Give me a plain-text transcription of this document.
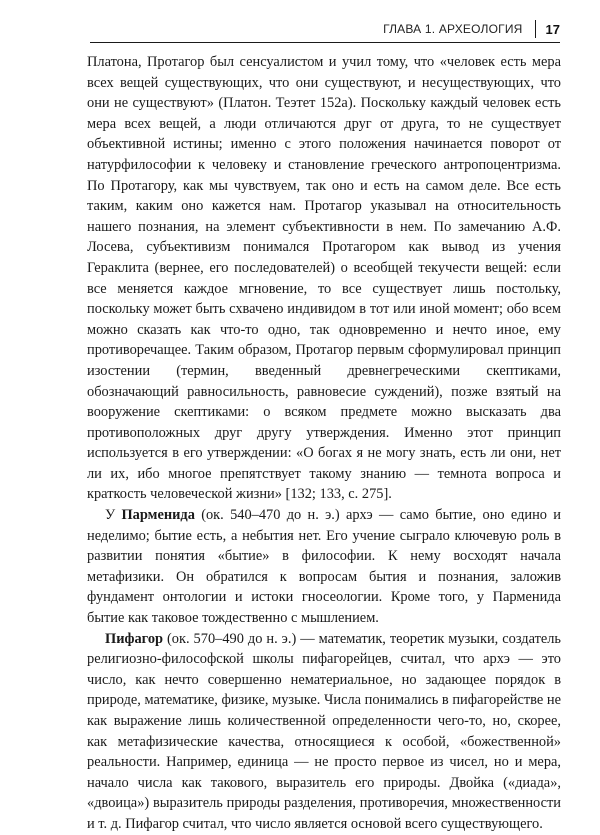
ГЛАВА 1. АРХЕОЛОГИЯ 17

Платона, Протагор был сенсуалистом и учил тому, что «человек есть мера всех вещей существующих, что они существуют, и несуществующих, что они не существуют» (Платон. Теэтет 152а). Поскольку каждый человек есть мера всех вещей, а люди отличаются друг от друга, то не существует объективной истины; именно с этого положения начинается поворот от натурфилософии к человеку и становление греческого антропоцентризма. По Протагору, как мы чувствуем, так оно и есть на самом деле. Все есть таким, каким оно кажется нам. Протагор указывал на относительность нашего познания, на элемент субъективности в нем. По замечанию А.Ф. Лосева, субъективизм понимался Протагором как вывод из учения Гераклита (вернее, его последователей) о всеобщей текучести вещей: если все меняется каждое мгновение, то все существует лишь постольку, поскольку может быть схвачено индивидом в тот или иной момент; обо всем можно сказать как что-то одно, так одновременно и нечто иное, ему противоречащее. Таким образом, Протагор первым сформулировал принцип изостении (термин, введенный древнегреческими скептиками, обозначающий равносильность, равновесие суждений), позже взятый на вооружение скептиками: о всяком предмете можно высказать два противоположных друг другу утверждения. Именно этот принцип используется в его утверждении: «О богах я не могу знать, есть ли они, нет ли их, ибо многое препятствует такому знанию — темнота вопроса и краткость человеческой жизни» [132; 133, с. 275].

У Парменида (ок. 540–470 до н. э.) архэ — само бытие, оно едино и неделимо; бытие есть, а небытия нет. Его учение сыграло ключевую роль в развитии понятия «бытие» в философии. К нему восходят начала метафизики. Он обратился к вопросам бытия и познания, заложив фундамент онтологии и истоки гносеологии. Кроме того, у Парменида бытие как таковое тождественно с мышлением.

Пифагор (ок. 570–490 до н. э.) — математик, теоретик музыки, создатель религиозно-философской школы пифагорейцев, считал, что архэ — это число, как нечто совершенно нематериальное, но задающее порядок в природе, математике, физике, музыке. Числа понимались в пифагорействе не как выражение лишь количественной определенности чего-то, но, скорее, как метафизические качества, относящиеся к особой, «божественной» реальности. Например, единица — не просто первое из чисел, но и мера, начало числа как такового, выразитель его природы. Двойка («диада», «двоица») выразитель природы разделения, противоречия, множественности и т. д. Пифагор считал, что число является основой всего существующего.
